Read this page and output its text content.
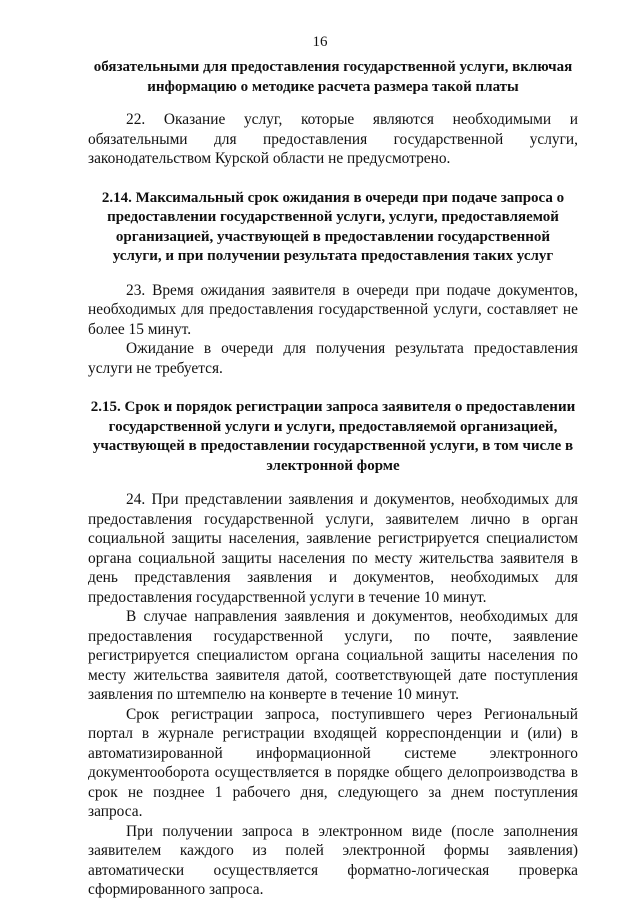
16

обязательными для предоставления государственной услуги, включая информацию о методике расчета размера такой платы

22. Оказание услуг, которые являются необходимыми и обязательными для предоставления государственной услуги, законодательством Курской области не предусмотрено.

2.14. Максимальный срок ожидания в очереди при подаче запроса о предоставлении государственной услуги, услуги, предоставляемой организацией, участвующей в предоставлении государственной услуги, и при получении результата предоставления таких услуг

23. Время ожидания заявителя в очереди при подаче документов, необходимых для предоставления государственной услуги, составляет не более 15 минут.

Ожидание в очереди для получения результата предоставления услуги не требуется.

2.15. Срок и порядок регистрации запроса заявителя о предоставлении государственной услуги и услуги, предоставляемой организацией, участвующей в предоставлении государственной услуги, в том числе в электронной форме

24. При представлении заявления и документов, необходимых для предоставления государственной услуги, заявителем лично в орган социальной защиты населения, заявление регистрируется специалистом органа социальной защиты населения по месту жительства заявителя в день представления заявления и документов, необходимых для предоставления государственной услуги в течение 10 минут.

В случае направления заявления и документов, необходимых для предоставления государственной услуги, по почте, заявление регистрируется специалистом органа социальной защиты населения по месту жительства заявителя датой, соответствующей дате поступления заявления по штемпелю на конверте в течение 10 минут.

Срок регистрации запроса, поступившего через Региональный портал в журнале регистрации входящей корреспонденции и (или) в автоматизированной информационной системе электронного документооборота осуществляется в порядке общего делопроизводства в срок не позднее 1 рабочего дня, следующего за днем поступления запроса.

При получении запроса в электронном виде (после заполнения заявителем каждого из полей электронной формы заявления) автоматически осуществляется форматно-логическая проверка сформированного запроса.
